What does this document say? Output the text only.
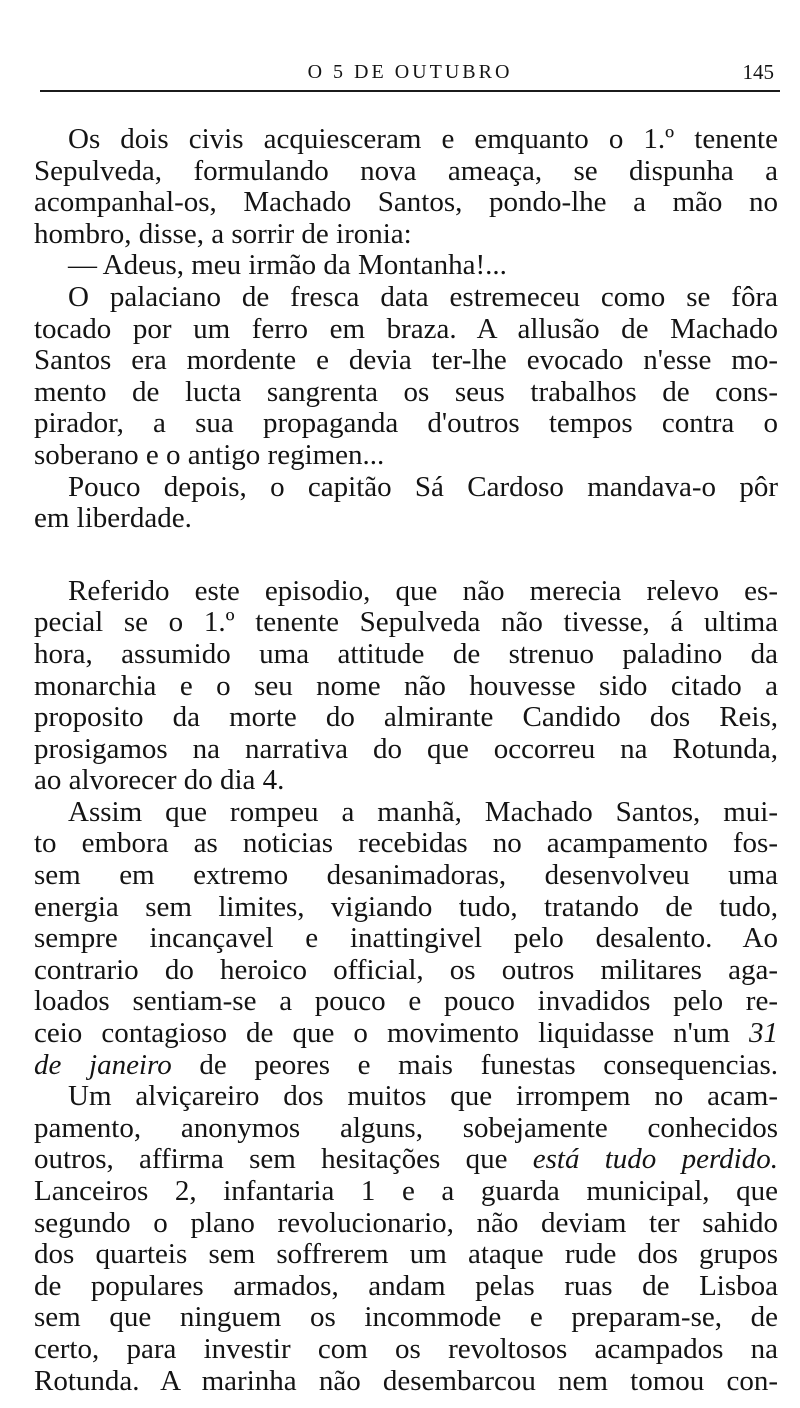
O 5 DE OUTUBRO	145
Os dois civis acquiesceram e emquanto o 1.º tenente
Sepulveda, formulando nova ameaça, se dispunha a
acompanhal-os, Machado Santos, pondo-lhe a mão no
hombro, disse, a sorrir de ironia:
— Adeus, meu irmão da Montanha!...
O palaciano de fresca data estremeceu como se fôra
tocado por um ferro em braza. A allusão de Machado
Santos era mordente e devia ter-lhe evocado n'esse mo-
mento de lucta sangrenta os seus trabalhos de cons-
pirador, a sua propaganda d'outros tempos contra o
soberano e o antigo regimen...
Pouco depois, o capitão Sá Cardoso mandava-o pôr
em liberdade.
Referido este episodio, que não merecia relevo es-
pecial se o 1.º tenente Sepulveda não tivesse, á ultima
hora, assumido uma attitude de strenuo paladino da
monarchia e o seu nome não houvesse sido citado a
proposito da morte do almirante Candido dos Reis,
prosigamos na narrativa do que occorreu na Rotunda,
ao alvorecer do dia 4.
Assim que rompeu a manhã, Machado Santos, mui-
to embora as noticias recebidas no acampamento fos-
sem em extremo desanimadoras, desenvolveu uma
energia sem limites, vigiando tudo, tratando de tudo,
sempre incançavel e inattingivel pelo desalento. Ao
contrario do heroico official, os outros militares aga-
loados sentiam-se a pouco e pouco invadidos pelo re-
ceio contagioso de que o movimento liquidasse n'um 31
de janeiro de peores e mais funestas consequencias.
Um alviçareiro dos muitos que irrompem no acam-
pamento, anonymos alguns, sobejamente conhecidos
outros, affirma sem hesitações que está tudo perdido.
Lanceiros 2, infantaria 1 e a guarda municipal, que
segundo o plano revolucionario, não deviam ter sahido
dos quarteis sem soffrerem um ataque rude dos grupos
de populares armados, andam pelas ruas de Lisboa
sem que ninguem os incommode e preparam-se, de
certo, para investir com os revoltosos acampados na
Rotunda. A marinha não desembarcou nem tomou con-
